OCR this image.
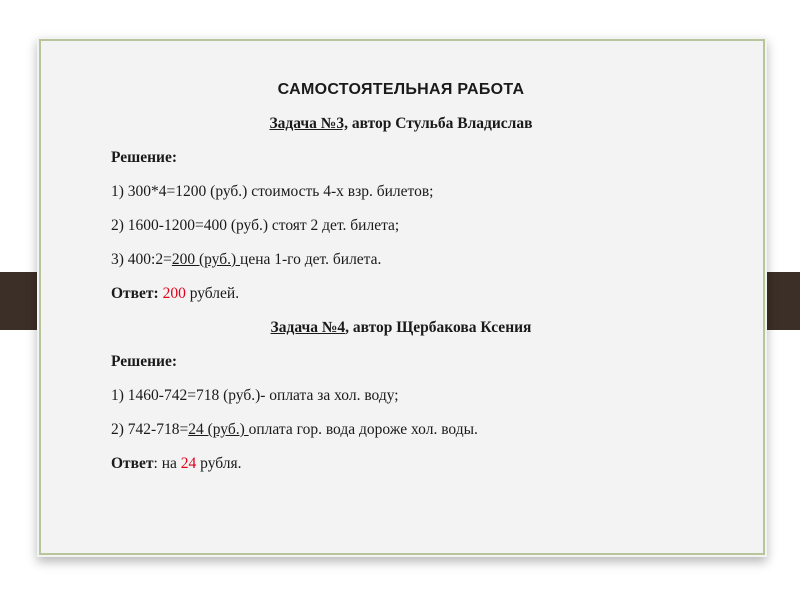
САМОСТОЯТЕЛЬНАЯ РАБОТА
Задача №3, автор Стульба Владислав
Решение:
1) 300*4=1200 (руб.) стоимость 4-х взр. билетов;
2) 1600-1200=400 (руб.) стоят 2 дет. билета;
3) 400:2=200 (руб.) цена 1-го дет. билета.
Ответ: 200 рублей.
Задача №4, автор Щербакова Ксения
Решение:
1) 1460-742=718 (руб.)- оплата за хол. воду;
2) 742-718=24 (руб.) оплата гор. вода дороже хол. воды.
Ответ: на 24 рубля.
